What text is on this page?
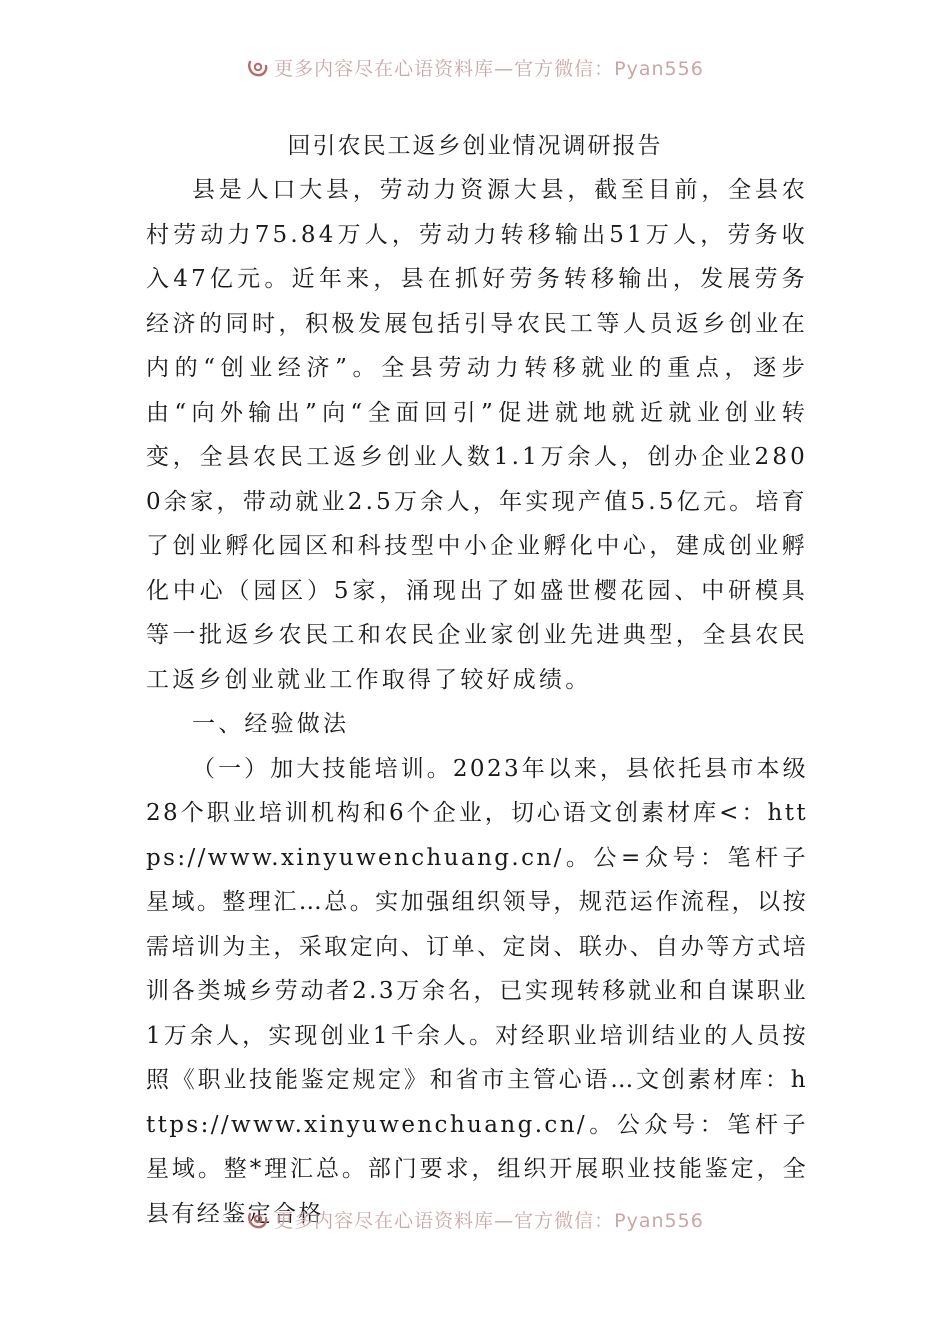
更多内容尽在心语资料库—官方微信：Pyan556
回引农民工返乡创业情况调研报告

县是人口大县，劳动力资源大县，截至目前，全县农村劳动力75.84万人，劳动力转移输出51万人，劳务收入47亿元。近年来，县在抓好劳务转移输出，发展劳务经济的同时，积极发展包括引导农民工等人员返乡创业在内的“创业经济”。全县劳动力转移就业的重点，逐步由“向外输出”向“全面回引”促进就地就近就业创业转变，全县农民工返乡创业人数1.1万余人，创办企业2800余家，带动就业2.5万余人，年实现产值5.5亿元。培育了创业孵化园区和科技型中小企业孵化中心，建成创业孵化中心（园区）5家，涌现出了如盛世樱花园、中研模具等一批返乡农民工和农民企业家创业先进典型，全县农民工返乡创业就业工作取得了较好成绩。

一、经验做法

（一）加大技能培训。2023年以来，县依托县市本级28个职业培训机构和6个企业，切心语文创素材库<：https://www.xinyuwenchuang.cn/。公=众号：笔杆子星域。整理汇…总。实加强组织领导，规范运作流程，以按需培训为主，采取定向、订单、定岗、联办、自办等方式培训各类城乡劳动者2.3万余名，已实现转移就业和自谋职业1万余人，实现创业1千余人。对经职业培训结业的人员按照《职业技能鉴定规定》和省市主管心语…文创素材库：https://www.xinyuwenchuang.cn/。公众号：笔杆子星域。整*理汇总。部门要求，组织开展职业技能鉴定，全县有经鉴定合格

更多内容尽在心语资料库—官方微信：Pyan556
